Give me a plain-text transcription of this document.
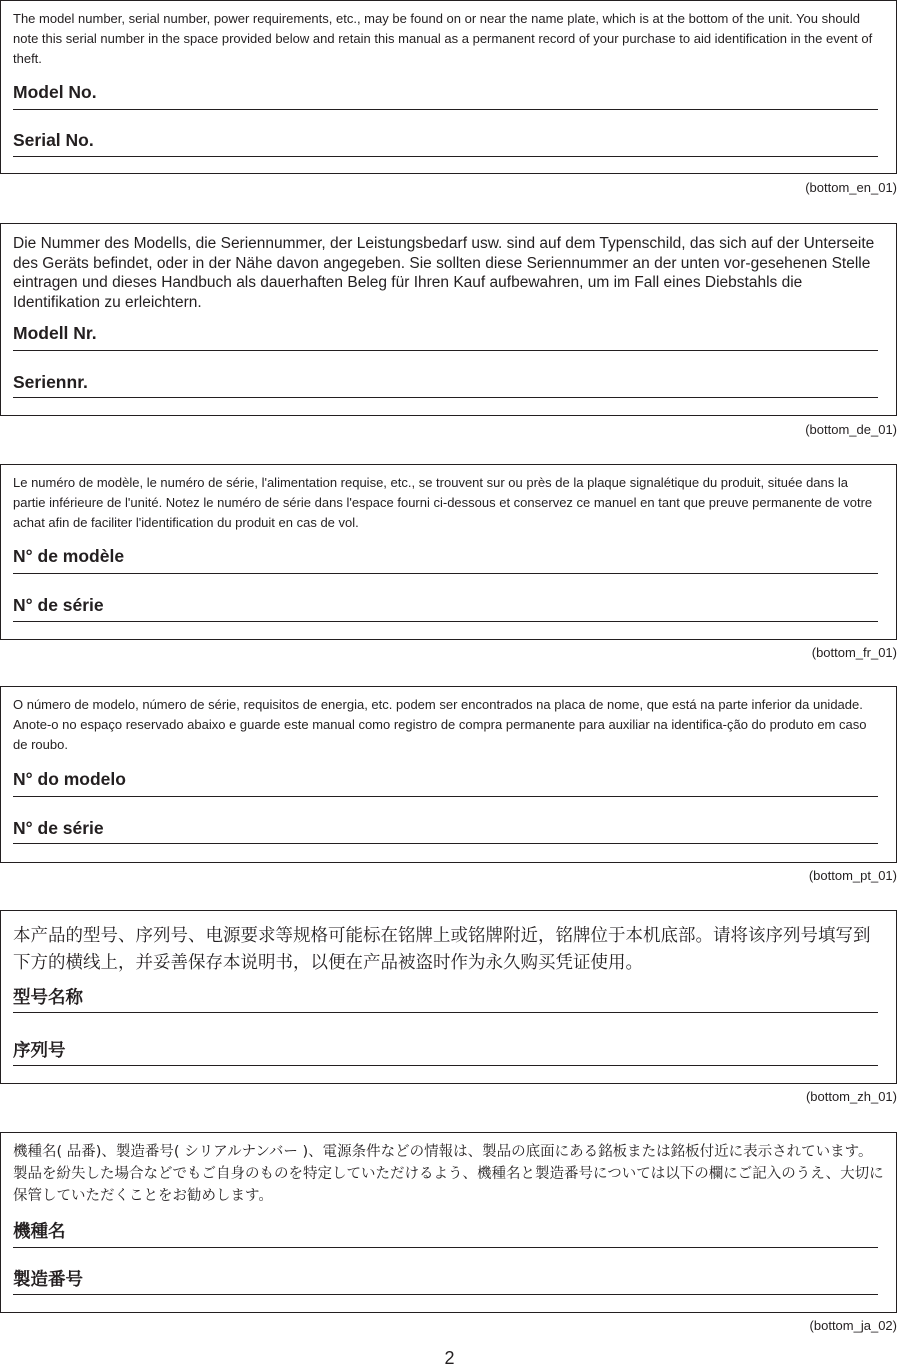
The model number, serial number, power requirements, etc., may be found on or near the name plate, which is at the bottom of the unit. You should note this serial number in the space provided below and retain this manual as a permanent record of your purchase to aid identification in the event of theft.
Model No.
Serial No.
(bottom_en_01)
Die Nummer des Modells, die Seriennummer, der Leistungsbedarf usw. sind auf dem Typenschild, das sich auf der Unterseite des Geräts befindet, oder in der Nähe davon angegeben. Sie sollten diese Seriennummer an der unten vor-gesehenen Stelle eintragen und dieses Handbuch als dauerhaften Beleg für Ihren Kauf aufbewahren, um im Fall eines Diebstahls die Identifikation zu erleichtern.
Modell Nr.
Seriennr.
(bottom_de_01)
Le numéro de modèle, le numéro de série, l'alimentation requise, etc., se trouvent sur ou près de la plaque signalétique du produit, située dans la partie inférieure de l'unité. Notez le numéro de série dans l'espace fourni ci-dessous et conservez ce manuel en tant que preuve permanente de votre achat afin de faciliter l'identification du produit en cas de vol.
N° de modèle
N° de série
(bottom_fr_01)
O número de modelo, número de série, requisitos de energia, etc. podem ser encontrados na placa de nome, que está na parte inferior da unidade. Anote-o no espaço reservado abaixo e guarde este manual como registro de compra permanente para auxiliar na identifica-ção do produto em caso de roubo.
N° do modelo
N° de série
(bottom_pt_01)
本产品的型号、序列号、电源要求等规格可能标在铭牌上或铭牌附近，铭牌位于本机底部。请将该序列号填写到下方的横线上，并妥善保存本说明书，以便在产品被盗时作为永久购买凭证使用。
型号名称
序列号
(bottom_zh_01)
機種名( 品番)、製造番号( シリアルナンバー )、電源条件などの情報は、製品の底面にある銘板または銘板付近に表示されています。製品を紛失した場合などでもご自身のものを特定していただけるよう、機種名と製造番号については以下の欄にご記入のうえ、大切に保管していただくことをお勧めします。
機種名
製造番号
(bottom_ja_02)
2
